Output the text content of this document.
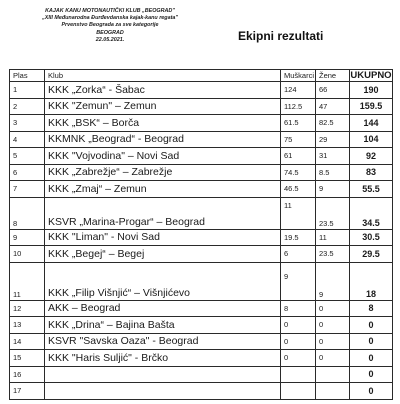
KAJAK KANU MOTONAUTIČKI KLUB „BEOGRAD"
„XIII Međunarodna Đurđevdanska kajak-kanu regata"
Prvenstvo Beograda za sve kategorije
BEOGRAD
22.05.2021.	Ekipni rezultati
Plas	Klub	Muškarci	Žene	UKUPNO
1	KKK „Zorka“ - Šabac	124	66	190
2	KKK "Zemun" – Zemun	112.5	47	159.5
3	KKK „BSK“ – Borča	61.5	82.5	144
4	KKMNK „Beograd“ - Beograd	75	29	104
5	KKK "Vojvodina" – Novi Sad	61	31	92
6	KKK „Zabrežje“ – Zabrežje	74.5	8.5	83
7	KKK „Zmaj“ – Zemun	46.5	9	55.5
8	KSVR „Marina-Progar“ – Beograd	11	23.5	34.5
9	KKK "Liman" - Novi Sad	19.5	11	30.5
10	KKK „Begej“ – Begej	6	23.5	29.5
11	KKK „Filip Višnjić“ – Višnjićevo	9	9	18
12	AKK – Beograd	8	0	8
13	KKK „Drina“ – Bajina Bašta	0	0	0
14	KSVR "Savska Oaza" - Beograd	0	0	0
15	KKK "Haris Suljić" - Brčko	0	0	0
16				0
17				0
